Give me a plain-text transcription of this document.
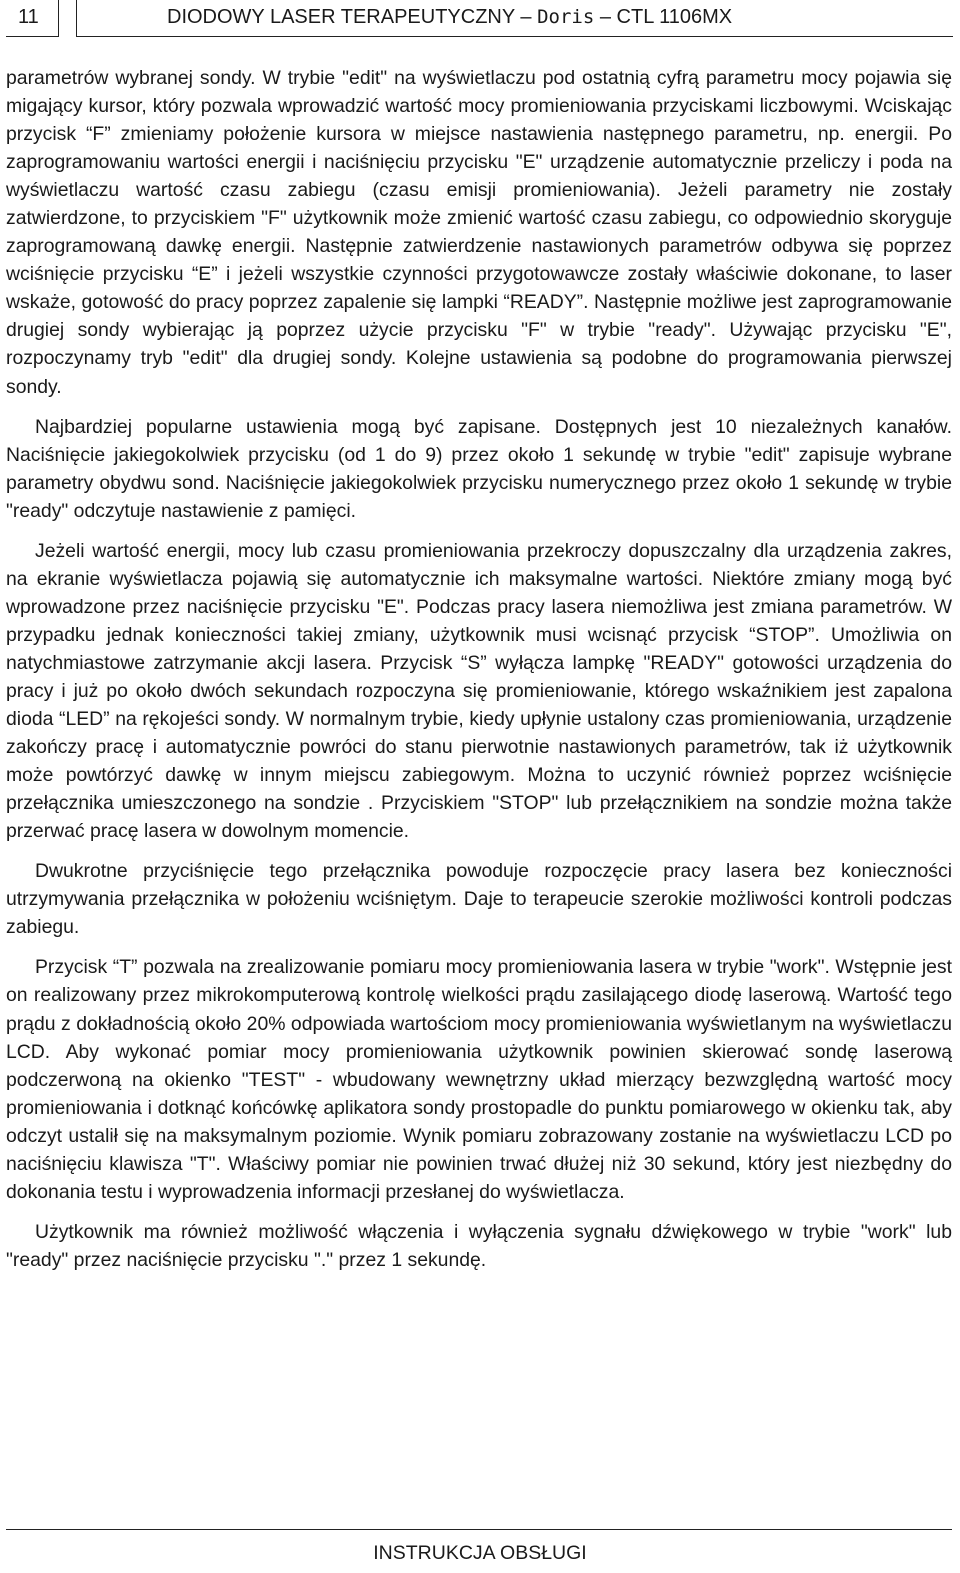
11	DIODOWY LASER TERAPEUTYCZNY – Doris – CTL 1106MX

parametrów wybranej sondy. W trybie "edit" na wyświetlaczu pod ostatnią cyfrą parametru mocy pojawia się migający kursor, który pozwala wprowadzić wartość mocy promieniowania przyciskami liczbowymi. Wciskając przycisk “F” zmieniamy położenie kursora w miejsce nastawienia następnego parametru, np. energii. Po zaprogramowaniu wartości energii i naciśnięciu przycisku "E" urządzenie automatycznie przeliczy i poda na wyświetlaczu wartość czasu zabiegu (czasu emisji promieniowania). Jeżeli parametry nie zostały zatwierdzone, to przyciskiem "F" użytkownik może zmienić wartość czasu zabiegu, co odpowiednio skoryguje zaprogramowaną dawkę energii. Następnie zatwierdzenie nastawionych parametrów odbywa się poprzez wciśnięcie przycisku “E” i jeżeli wszystkie czynności przygotowawcze zostały właściwie dokonane, to laser wskaże, gotowość do pracy poprzez zapalenie się lampki “READY”. Następnie możliwe jest zaprogramowanie drugiej sondy wybierając ją poprzez użycie przycisku "F" w trybie "ready". Używając przycisku "E", rozpoczynamy tryb "edit" dla drugiej sondy. Kolejne ustawienia są podobne do programowania pierwszej sondy.

Najbardziej popularne ustawienia mogą być zapisane. Dostępnych jest 10 niezależnych kanałów. Naciśnięcie jakiegokolwiek przycisku (od 1 do 9) przez około 1 sekundę w trybie "edit" zapisuje wybrane parametry obydwu sond. Naciśnięcie jakiegokolwiek przycisku numerycznego przez około 1 sekundę w trybie "ready" odczytuje nastawienie z pamięci.

Jeżeli wartość energii, mocy lub czasu promieniowania przekroczy dopuszczalny dla urządzenia zakres, na ekranie wyświetlacza pojawią się automatycznie ich maksymalne wartości. Niektóre zmiany mogą być wprowadzone przez naciśnięcie przycisku "E". Podczas pracy lasera niemożliwa jest zmiana parametrów. W przypadku jednak konieczności takiej zmiany, użytkownik musi wcisnąć przycisk “STOP”. Umożliwia on natychmiastowe zatrzymanie akcji lasera. Przycisk “S” wyłącza lampkę "READY" gotowości urządzenia do pracy i już po około dwóch sekundach rozpoczyna się promieniowanie, którego wskaźnikiem jest zapalona dioda “LED” na rękojeści sondy. W normalnym trybie, kiedy upłynie ustalony czas promieniowania, urządzenie zakończy pracę i automatycznie powróci do stanu pierwotnie nastawionych parametrów, tak iż użytkownik może powtórzyć dawkę w innym miejscu zabiegowym. Można to uczynić również poprzez wciśnięcie przełącznika umieszczonego na sondzie . Przyciskiem "STOP" lub przełącznikiem na sondzie można także przerwać pracę lasera w dowolnym momencie.

Dwukrotne przyciśnięcie tego przełącznika powoduje rozpoczęcie pracy lasera bez konieczności utrzymywania przełącznika w położeniu wciśniętym. Daje to terapeucie szerokie możliwości kontroli podczas zabiegu.

Przycisk “T” pozwala na zrealizowanie pomiaru mocy promieniowania lasera w trybie "work". Wstępnie jest on realizowany przez mikrokomputerową kontrolę wielkości prądu zasilającego diodę laserową. Wartość tego prądu z dokładnością około 20% odpowiada wartościom mocy promieniowania wyświetlanym na wyświetlaczu LCD. Aby wykonać pomiar mocy promieniowania użytkownik powinien skierować sondę laserową podczerwoną na okienko "TEST" - wbudowany wewnętrzny układ mierzący bezwzględną wartość mocy promieniowania i dotknąć końcówkę aplikatora sondy prostopadle do punktu pomiarowego w okienku tak, aby odczyt ustalił się na maksymalnym poziomie. Wynik pomiaru zobrazowany zostanie na wyświetlaczu LCD po naciśnięciu klawisza "T". Właściwy pomiar nie powinien trwać dłużej niż 30 sekund, który jest niezbędny do dokonania testu i wyprowadzenia informacji przesłanej do wyświetlacza.

Użytkownik ma również możliwość włączenia i wyłączenia sygnału dźwiękowego w trybie "work" lub "ready" przez naciśnięcie przycisku "." przez 1 sekundę.

INSTRUKCJA OBSŁUGI
